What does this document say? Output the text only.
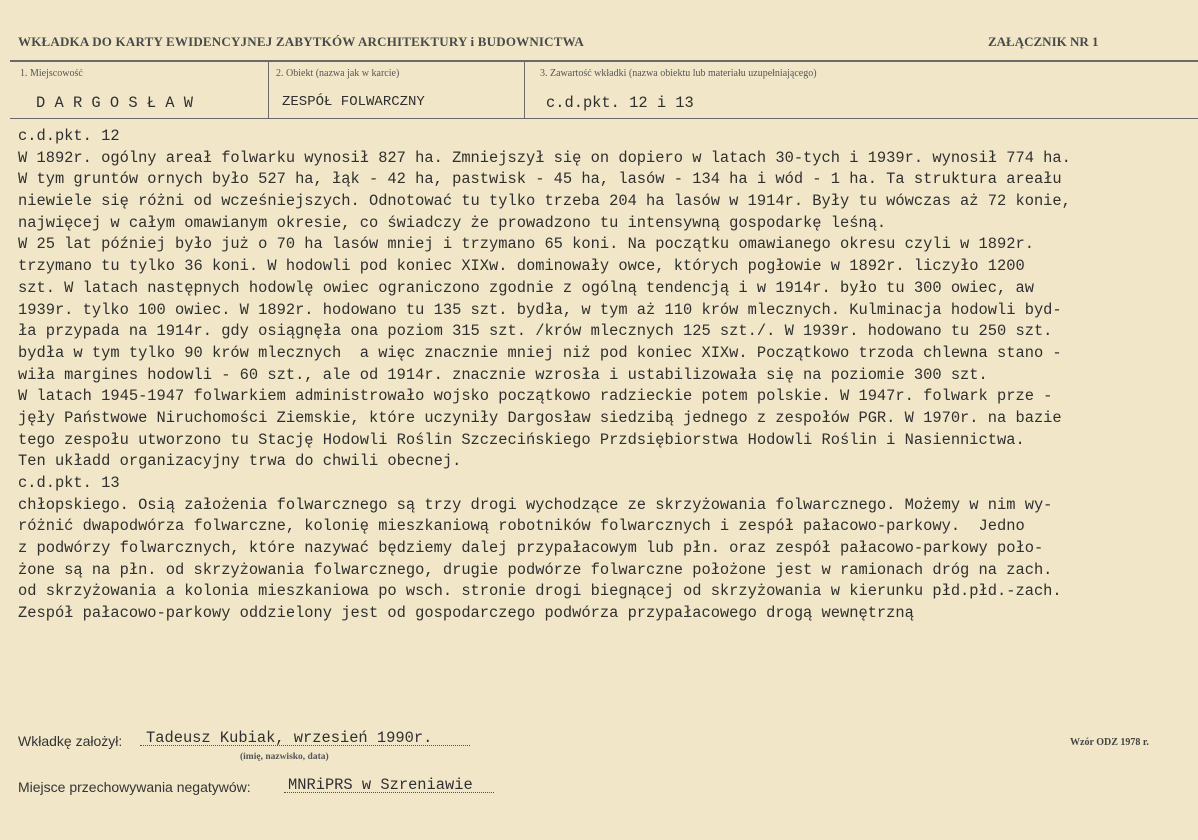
WKŁADKA DO KARTY EWIDENCYJNEJ ZABYTKÓW ARCHITEKTURY i BUDOWNICTWA	ZAŁĄCZNIK NR 1
1. Miejscowość	2. Obiekt (nazwa jak w karcie)	3. Zawartość wkładki (nazwa obiektu lub materiału uzupełniającego)
D A R G O S Ł A W	ZESPÓŁ FOLWARCZNY	c.d.pkt. 12 i 13
c.d.pkt. 12
W 1892r. ogólny areał folwarku wynosił 827 ha. Zmniejszył się on dopiero w latach 30-tych i 1939r. wynosił 774 ha.
W tym gruntów ornych było 527 ha, łąk - 42 ha, pastwisk - 45 ha, lasów - 134 ha i wód - 1 ha. Ta struktura areału
niewiele się różni od wcześniejszych. Odnotować tu tylko trzeba 204 ha lasów w 1914r. Były tu wówczas aż 72 konie,
najwięcej w całym omawianym okresie, co świadczy że prowadzono tu intensywną gospodarkę leśną.
W 25 lat później było już o 70 ha lasów mniej i trzymano 65 koni. Na początku omawianego okresu czyli w 1892r.
trzymano tu tylko 36 koni. W hodowli pod koniec XIXw. dominowały owce, których pogłowie w 1892r. liczyło 1200
szt. W latach następnych hodowlę owiec ograniczono zgodnie z ogólną tendencją i w 1914r. było tu 300 owiec, aw
1939r. tylko 100 owiec. W 1892r. hodowano tu 135 szt. bydła, w tym aż 110 krów mlecznych. Kulminacja hodowli byd-
ła przypada na 1914r. gdy osiągnęła ona poziom 315 szt. /krów mlecznych 125 szt./. W 1939r. hodowano tu 250 szt.
bydła w tym tylko 90 krów mlecznych  a więc znacznie mniej niż pod koniec XIXw. Początkowo trzoda chlewna stano -
wiła margines hodowli - 60 szt., ale od 1914r. znacznie wzrosła i ustabilizowała się na poziomie 300 szt.
W latach 1945-1947 folwarkiem administrowało wojsko początkowo radzieckie potem polskie. W 1947r. folwark prze -
jęły Państwowe Niruchomości Ziemskie, które uczyniły Dargosław siedzibą jednego z zespołów PGR. W 1970r. na bazie
tego zespołu utworzono tu Stację Hodowli Roślin Szczecińskiego Przdsiębiorstwa Hodowli Roślin i Nasiennictwa.
Ten układd organizacyjny trwa do chwili obecnej.
c.d.pkt. 13
chłopskiego. Osią założenia folwarcznego są trzy drogi wychodzące ze skrzyżowania folwarcznego. Możemy w nim wy-
różnić dwapodwórza folwarczne, kolonię mieszkaniową robotników folwarcznych i zespół pałacowo-parkowy.  Jedno
z podwórzy folwarcznych, które nazywać będziemy dalej przypałacowym lub płn. oraz zespół pałacowo-parkowy poło-
żone są na płn. od skrzyżowania folwarcznego, drugie podwórze folwarczne położone jest w ramionach dróg na zach.
od skrzyżowania a kolonia mieszkaniowa po wsch. stronie drogi biegnącej od skrzyżowania w kierunku płd.płd.-zach.
Zespół pałacowo-parkowy oddzielony jest od gospodarczego podwórza przypałacowego drogą wewnętrzną
Wkładkę założył: Tadeusz Kubiak, wrzesień 1990r.
(imię, nazwisko, data)
Wzór ODZ 1978 r.
Miejsce przechowywania negatywów: MNRiPRS w Szreniawie
